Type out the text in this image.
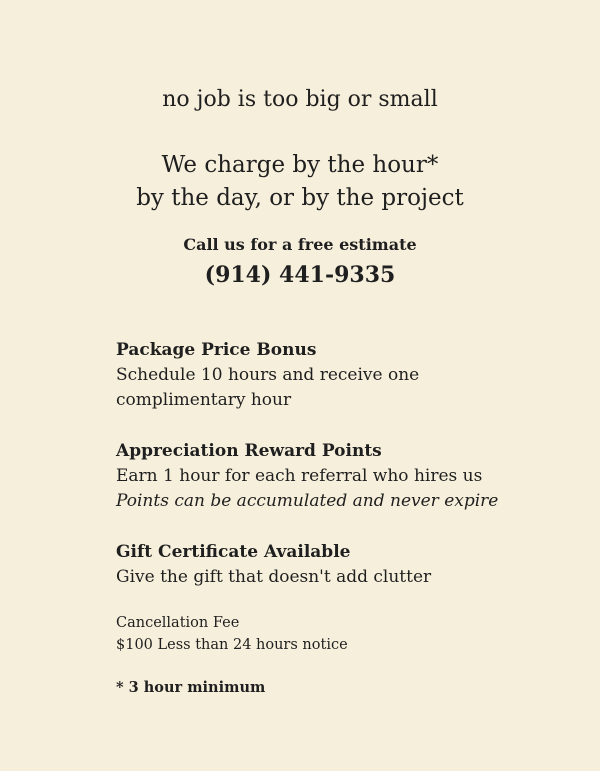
no job is too big or small
We charge by the hour*
by the day, or by the project
Call us for a free estimate
(914) 441-9335
Package Price Bonus
Schedule 10 hours and receive one
complimentary hour
Appreciation Reward Points
Earn 1 hour for each referral who hires us
Points can be accumulated and never expire
Gift Certificate Available
Give the gift that doesn't add clutter
Cancellation Fee
$100 Less than 24 hours notice
* 3 hour minimum
